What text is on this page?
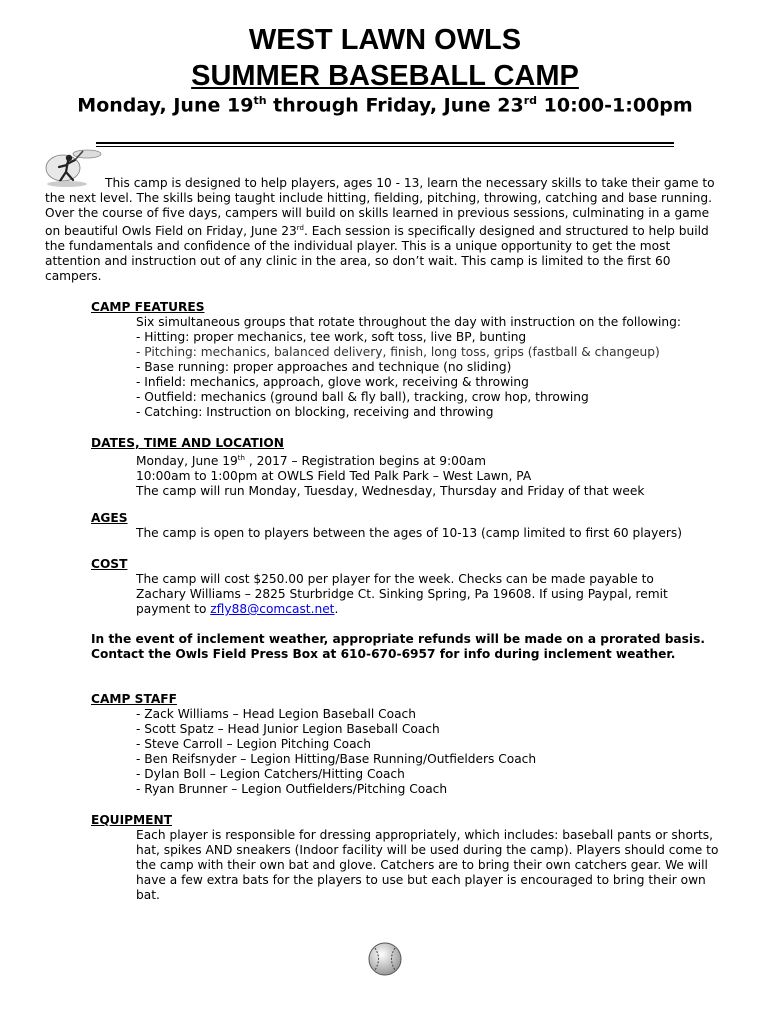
WEST LAWN OWLS
SUMMER BASEBALL CAMP
Monday, June 19th through Friday, June 23rd 10:00-1:00pm
This camp is designed to help players, ages 10 - 13, learn the necessary skills to take their game to the next level. The skills being taught include hitting, fielding, pitching, throwing, catching and base running. Over the course of five days, campers will build on skills learned in previous sessions, culminating in a game on beautiful Owls Field on Friday, June 23rd. Each session is specifically designed and structured to help build the fundamentals and confidence of the individual player. This is a unique opportunity to get the most attention and instruction out of any clinic in the area, so don’t wait. This camp is limited to the first 60 campers.
CAMP FEATURES
Six simultaneous groups that rotate throughout the day with instruction on the following:
- Hitting: proper mechanics, tee work, soft toss, live BP, bunting
- Pitching: mechanics, balanced delivery, finish, long toss, grips (fastball & changeup)
- Base running: proper approaches and technique (no sliding)
- Infield: mechanics, approach, glove work, receiving & throwing
- Outfield: mechanics (ground ball & fly ball), tracking, crow hop, throwing
- Catching: Instruction on blocking, receiving and throwing
DATES, TIME AND LOCATION
Monday, June 19th , 2017 – Registration begins at 9:00am
10:00am to 1:00pm at OWLS Field Ted Palk Park – West Lawn, PA
The camp will run Monday, Tuesday, Wednesday, Thursday and Friday of that week
AGES
The camp is open to players between the ages of 10-13 (camp limited to first 60 players)
COST
The camp will cost $250.00 per player for the week. Checks can be made payable to
Zachary Williams – 2825 Sturbridge Ct. Sinking Spring, Pa 19608. If using Paypal, remit
payment to zfly88@comcast.net.
In the event of inclement weather, appropriate refunds will be made on a prorated basis. Contact the Owls Field Press Box at 610-670-6957 for info during inclement weather.
CAMP STAFF
- Zack Williams – Head Legion Baseball Coach
- Scott Spatz – Head Junior Legion Baseball Coach
- Steve Carroll – Legion Pitching Coach
- Ben Reifsnyder – Legion Hitting/Base Running/Outfielders Coach
- Dylan Boll – Legion Catchers/Hitting Coach
- Ryan Brunner – Legion Outfielders/Pitching Coach
EQUIPMENT
Each player is responsible for dressing appropriately, which includes: baseball pants or shorts, hat, spikes AND sneakers (Indoor facility will be used during the camp). Players should come to the camp with their own bat and glove. Catchers are to bring their own catchers gear. We will have a few extra bats for the players to use but each player is encouraged to bring their own bat.
